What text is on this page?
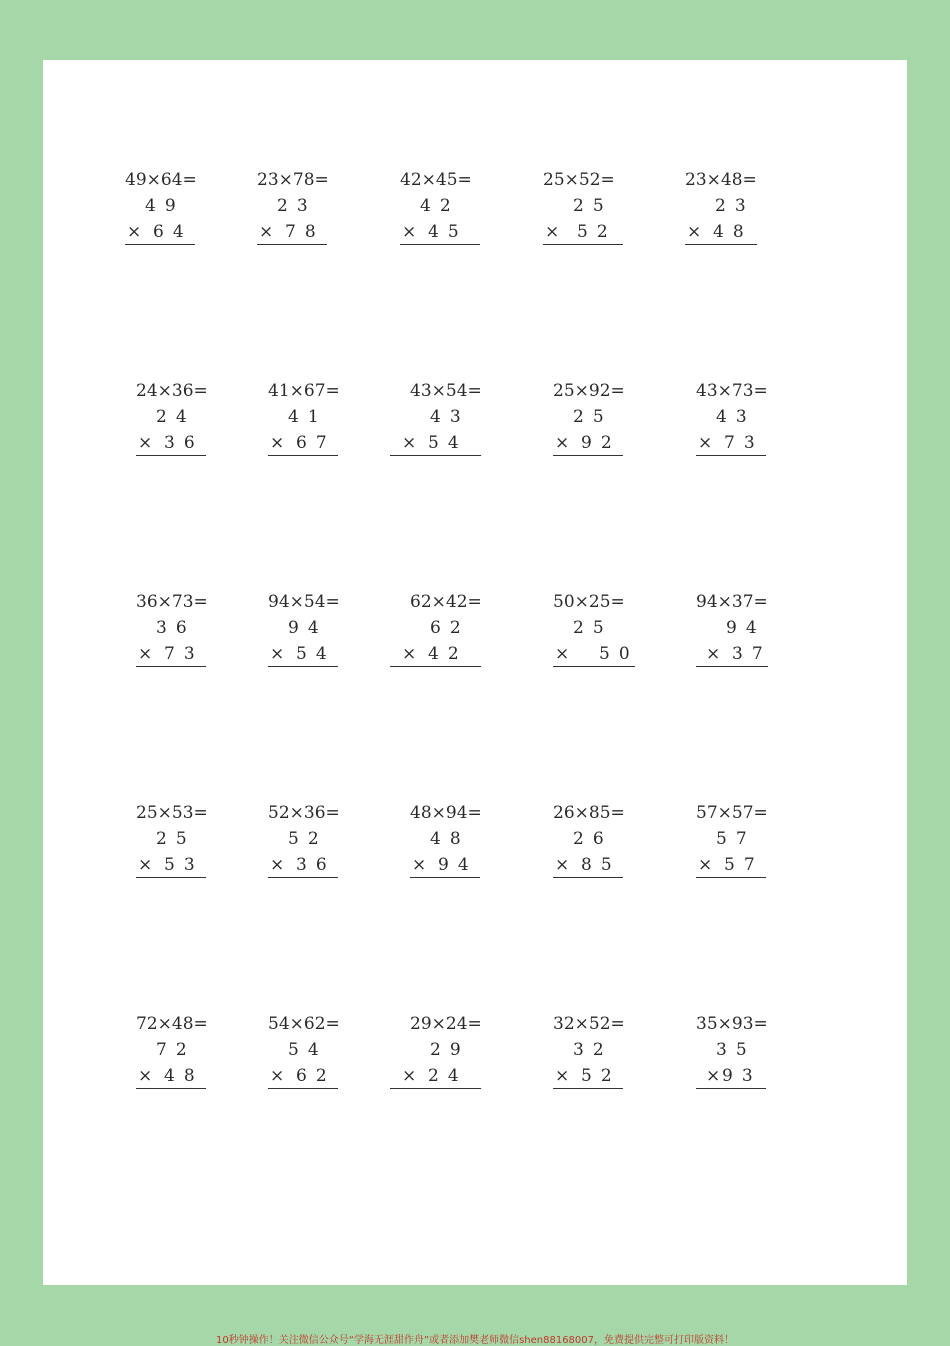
49×64=
49
× 64
23×78=
23
× 78
42×45=
42
× 45
25×52=
25
× 52
23×48=
23
× 48
24×36=
24
× 36
41×67=
41
× 67
43×54=
43
× 54
25×92=
25
× 92
43×73=
43
× 73
36×73=
36
× 73
94×54=
94
× 54
62×42=
62
× 42
50×25=
25
× 50
94×37=
94
× 37
25×53=
25
× 53
52×36=
52
× 36
48×94=
48
× 94
26×85=
26
× 85
57×57=
57
× 57
72×48=
72
× 48
54×62=
54
× 62
29×24=
29
× 24
32×52=
32
× 52
35×93=
35
× 93
10秒钟操作！关注微信公众号“学海无涯甜作舟”或者添加樊老师微信shen88168007，免费提供完整可打印版资料！
